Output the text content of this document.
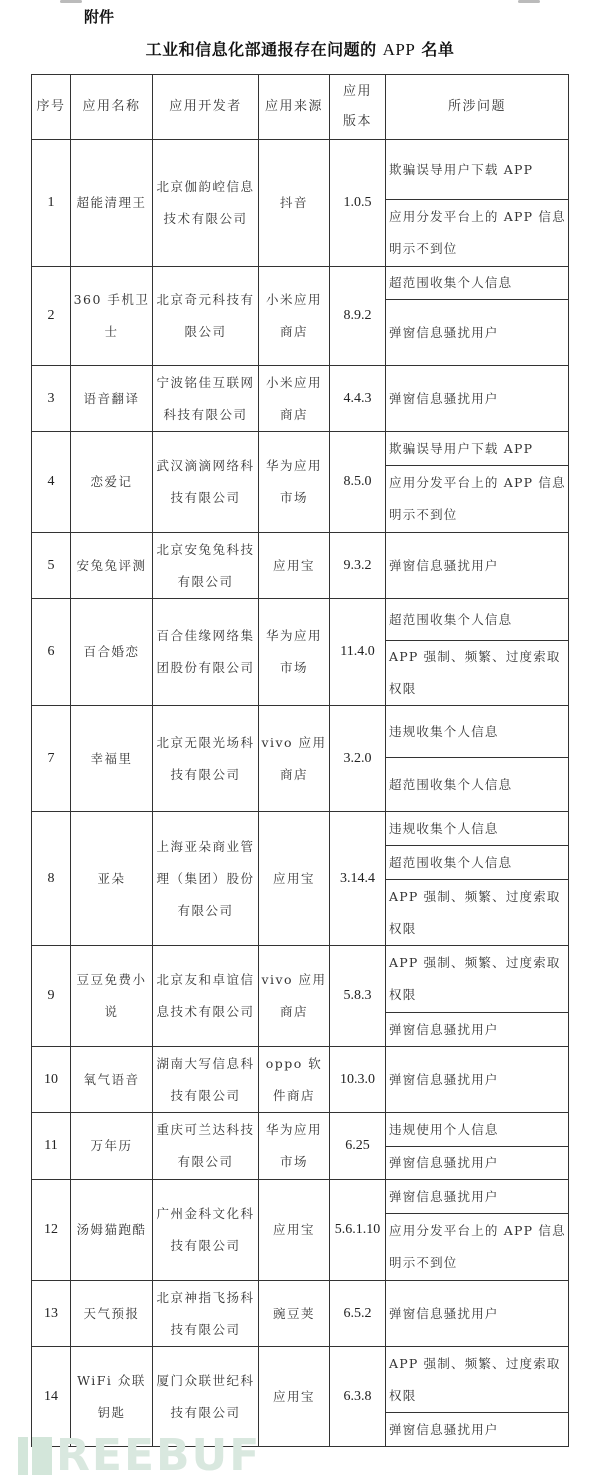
附件
工业和信息化部通报存在问题的 APP 名单
序号	应用名称	应用开发者	应用来源	应用版本	所涉问题

1	超能清理王	北京伽韵崆信息技术有限公司	抖音	1.0.5	欺骗误导用户下载 APP
					应用分发平台上的 APP 信息明示不到位

2	360 手机卫士	北京奇元科技有限公司	小米应用商店	8.9.2	超范围收集个人信息
					弹窗信息骚扰用户

3	语音翻译	宁波铭佳互联网科技有限公司	小米应用商店	4.4.3	弹窗信息骚扰用户

4	恋爱记	武汉滴滴网络科技有限公司	华为应用市场	8.5.0	欺骗误导用户下载 APP
					应用分发平台上的 APP 信息明示不到位

5	安兔兔评测	北京安兔兔科技有限公司	应用宝	9.3.2	弹窗信息骚扰用户

6	百合婚恋	百合佳缘网络集团股份有限公司	华为应用市场	11.4.0	超范围收集个人信息
					APP 强制、频繁、过度索取权限

7	幸福里	北京无限光场科技有限公司	vivo 应用商店	3.2.0	违规收集个人信息
					超范围收集个人信息

8	亚朵	上海亚朵商业管理（集团）股份有限公司	应用宝	3.14.4	违规收集个人信息
					超范围收集个人信息
					APP 强制、频繁、过度索取权限

9	豆豆免费小说	北京友和卓谊信息技术有限公司	vivo 应用商店	5.8.3	APP 强制、频繁、过度索取权限
					弹窗信息骚扰用户

10	氧气语音	湖南大写信息科技有限公司	oppo 软件商店	10.3.0	弹窗信息骚扰用户

11	万年历	重庆可兰达科技有限公司	华为应用市场	6.25	违规使用个人信息
					弹窗信息骚扰用户

12	汤姆猫跑酷	广州金科文化科技有限公司	应用宝	5.6.1.10	弹窗信息骚扰用户
					应用分发平台上的 APP 信息明示不到位

13	天气预报	北京神指飞扬科技有限公司	豌豆荚	6.5.2	弹窗信息骚扰用户

14	WiFi 众联钥匙	厦门众联世纪科技有限公司	应用宝	6.3.8	APP 强制、频繁、过度索取权限
					弹窗信息骚扰用户
REEBUF
